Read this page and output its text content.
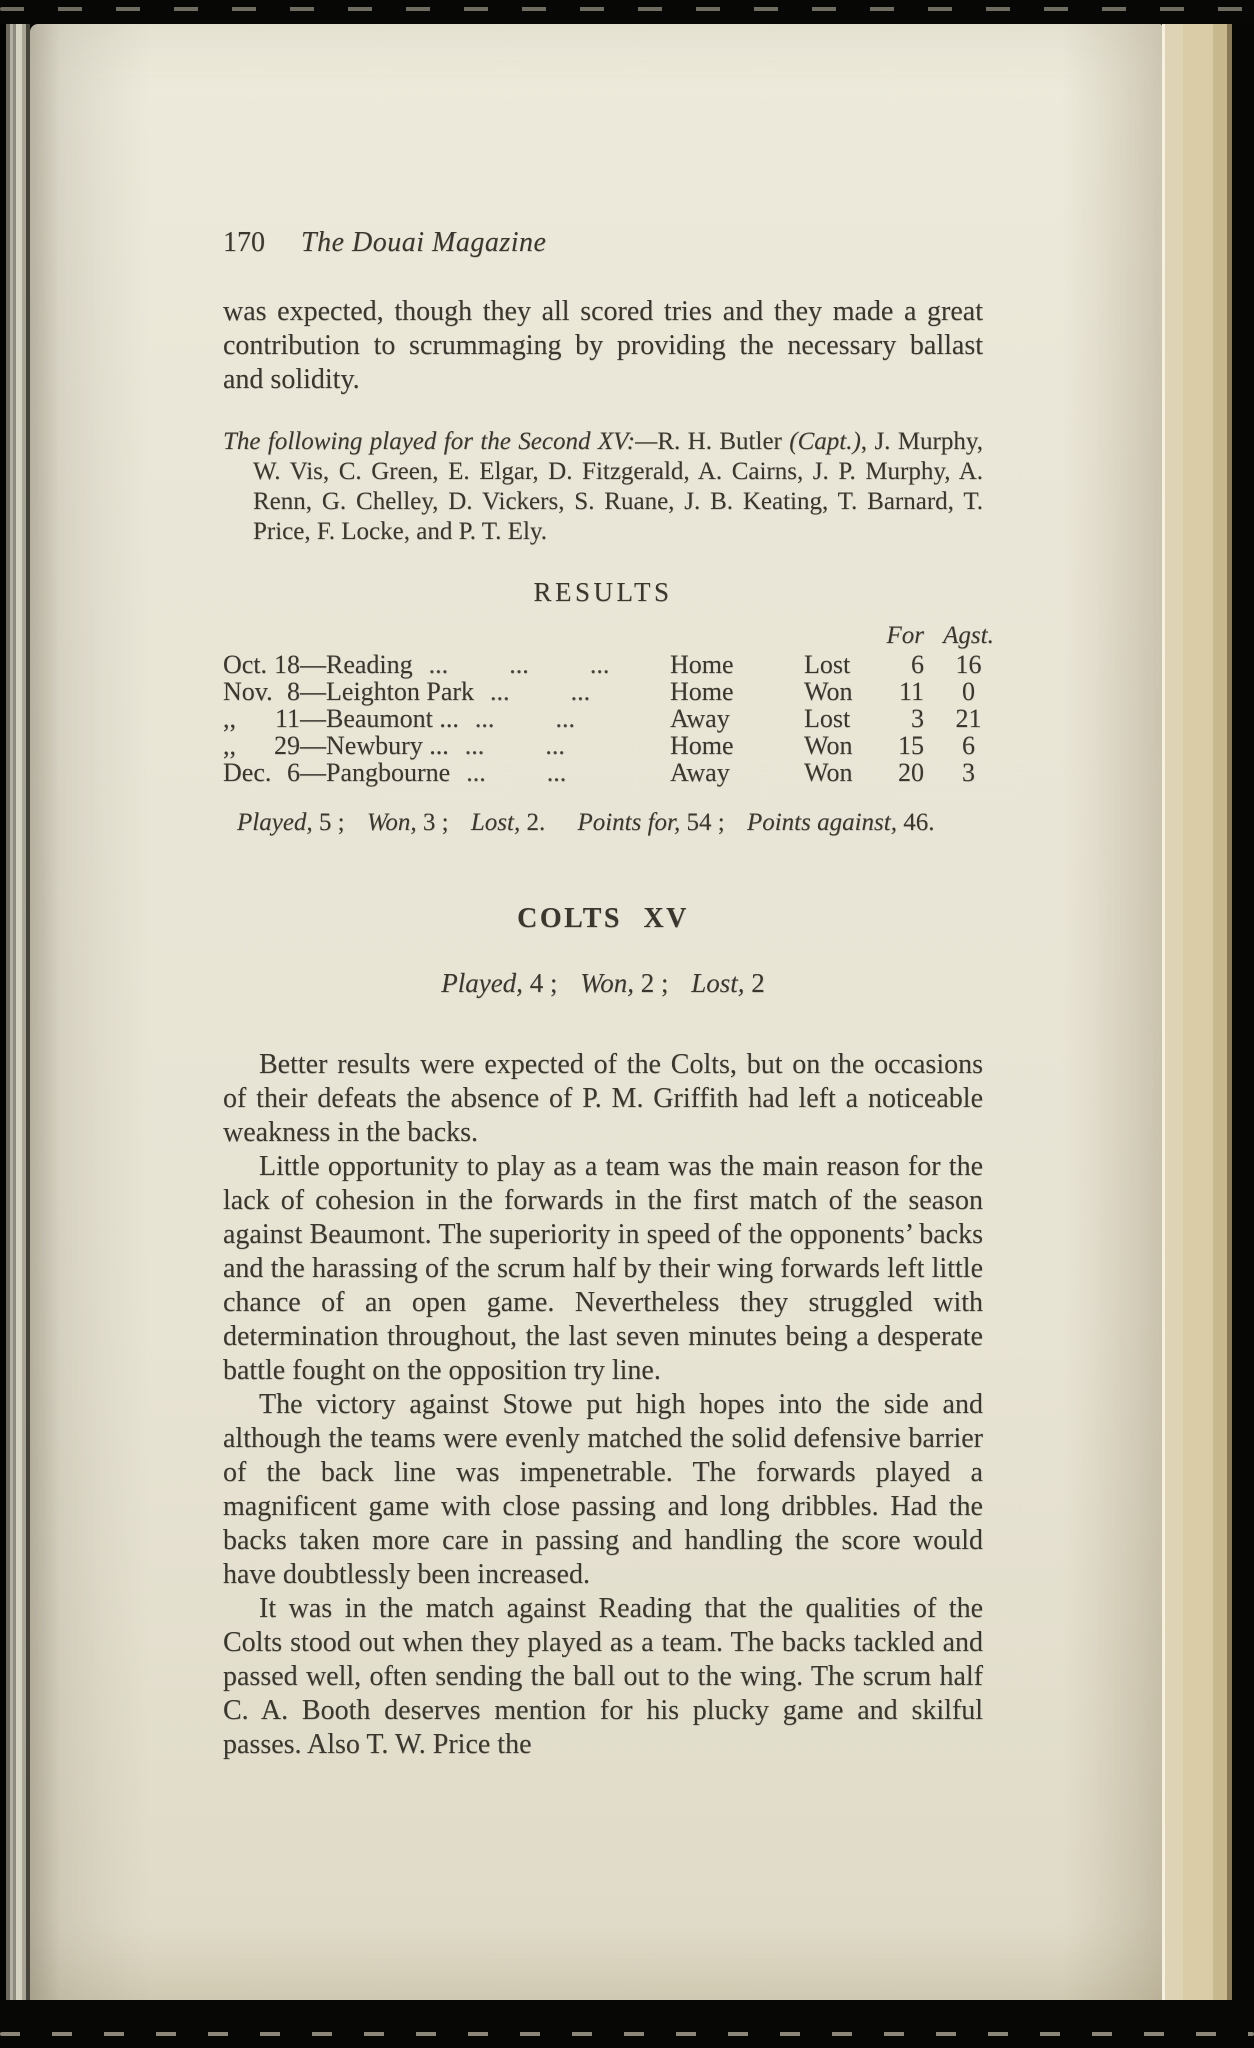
170 The Douai Magazine

was expected, though they all scored tries and they made a great contribution to scrummaging by providing the necessary ballast and solidity.

The following played for the Second XV:—R. H. Butler (Capt.), J. Murphy, W. Vis, C. Green, E. Elgar, D. Fitzgerald, A. Cairns, J. P. Murphy, A. Renn, G. Chelley, D. Vickers, S. Ruane, J. B. Keating, T. Barnard, T. Price, F. Locke, and P. T. Ely.

RESULTS
For Agst.
Oct. 18 —Reading ... ... ...	Home	Lost	6	16
Nov. 8 —Leighton Park ... ...	Home	Won	11	0
,,	11 —Beaumont ... ... ...	Away	Lost	3	21
,,	29 —Newbury ... ... ...	Home	Won	15	6
Dec. 6 —Pangbourne ... ...	Away	Won	20	3
Played, 5 ; Won, 3 ; Lost, 2. Points for, 54 ; Points against, 46.
COLTS XV
Played, 4 ; Won, 2 ; Lost, 2

Better results were expected of the Colts, but on the occasions of their defeats the absence of P. M. Griffith had left a noticeable weakness in the backs.

Little opportunity to play as a team was the main reason for the lack of cohesion in the forwards in the first match of the season against Beaumont. The superiority in speed of the opponents’ backs and the harassing of the scrum half by their wing forwards left little chance of an open game. Nevertheless they struggled with determination throughout, the last seven minutes being a desperate battle fought on the opposition try line.

The victory against Stowe put high hopes into the side and although the teams were evenly matched the solid defensive barrier of the back line was impenetrable. The forwards played a magnificent game with close passing and long dribbles. Had the backs taken more care in passing and handling the score would have doubtlessly been increased.

It was in the match against Reading that the qualities of the Colts stood out when they played as a team. The backs tackled and passed well, often sending the ball out to the wing. The scrum half C. A. Booth deserves mention for his plucky game and skilful passes. Also T. W. Price the
